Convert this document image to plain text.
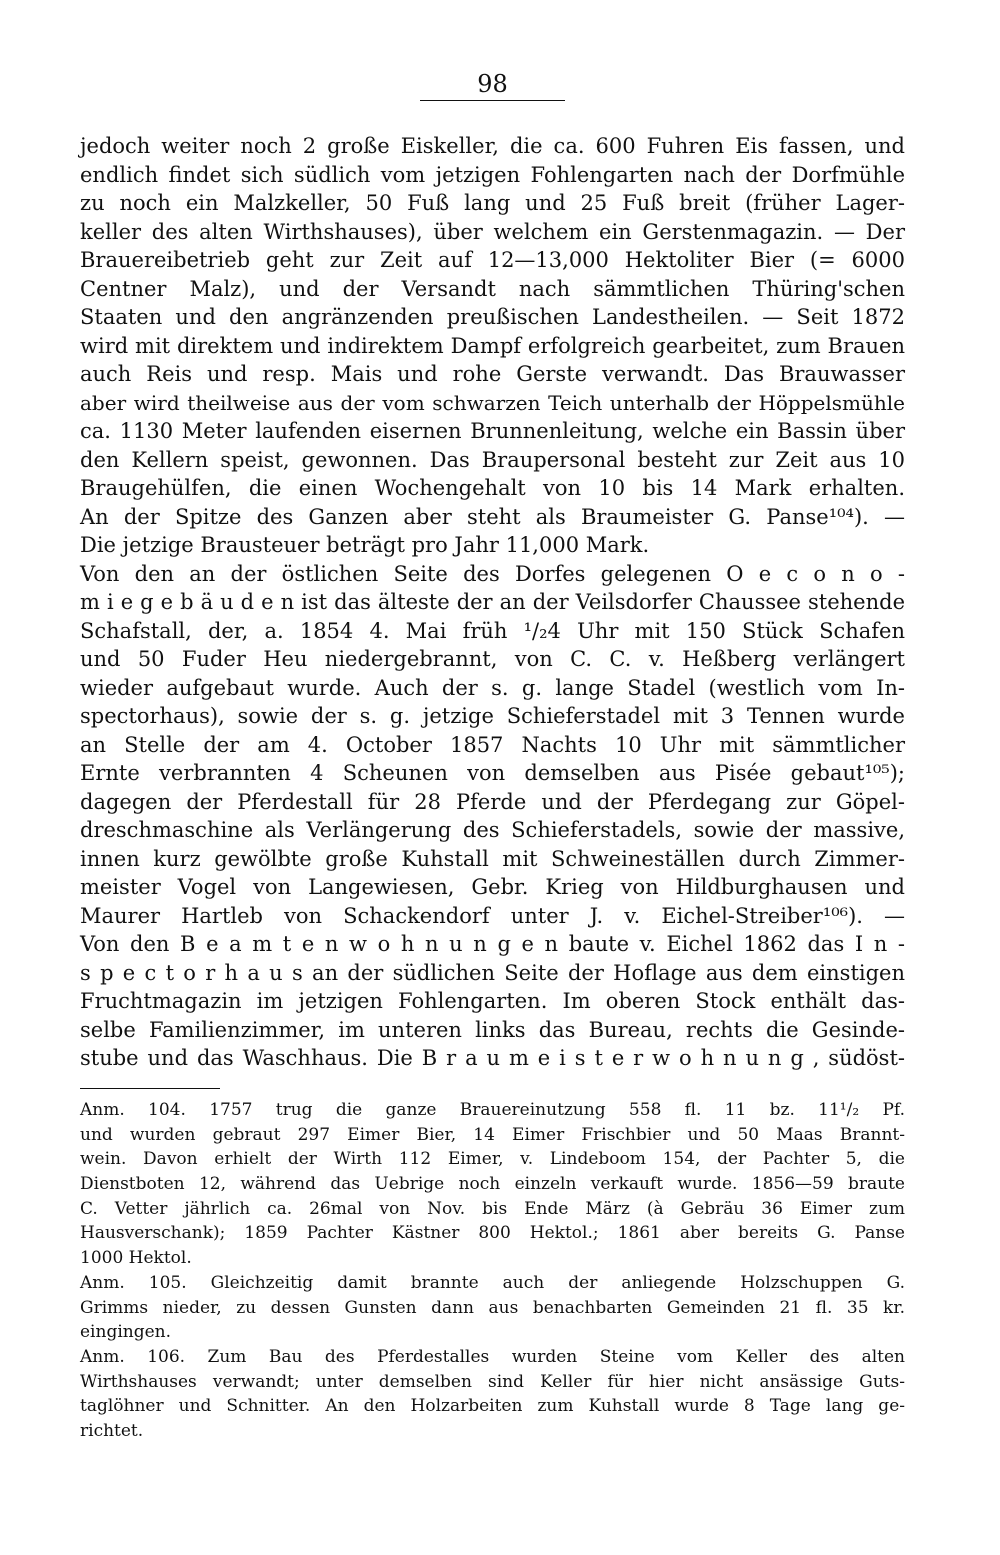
98
jedoch weiter noch 2 große Eiskeller, die ca. 600 Fuhren Eis fassen, und
endlich findet sich südlich vom jetzigen Fohlengarten nach der Dorfmühle
zu noch ein Malzkeller, 50 Fuß lang und 25 Fuß breit (früher Lager-
keller des alten Wirthshauses), über welchem ein Gerstenmagazin. — Der
Brauereibetrieb geht zur Zeit auf 12—13,000 Hektoliter Bier (= 6000
Centner Malz), und der Versandt nach sämmtlichen Thüring'schen
Staaten und den angränzenden preußischen Landestheilen. — Seit 1872
wird mit direktem und indirektem Dampf erfolgreich gearbeitet, zum Brauen
auch Reis und resp. Mais und rohe Gerste verwandt. Das Brauwasser
aber wird theilweise aus der vom schwarzen Teich unterhalb der Höppelsmühle
ca. 1130 Meter laufenden eisernen Brunnenleitung, welche ein Bassin über
den Kellern speist, gewonnen. Das Braupersonal besteht zur Zeit aus 10
Braugehülfen, die einen Wochengehalt von 10 bis 14 Mark erhalten.
An der Spitze des Ganzen aber steht als Braumeister G. Panse¹⁰⁴). —
Die jetzige Brausteuer beträgt pro Jahr 11,000 Mark.
Von den an der östlichen Seite des Dorfes gelegenen O e c o n o -
m i e g e b ä u d e n ist das älteste der an der Veilsdorfer Chaussee stehende
Schafstall, der, a. 1854 4. Mai früh ¹/₂4 Uhr mit 150 Stück Schafen
und 50 Fuder Heu niedergebrannt, von C. C. v. Heßberg verlängert
wieder aufgebaut wurde. Auch der s. g. lange Stadel (westlich vom In-
spectorhaus), sowie der s. g. jetzige Schieferstadel mit 3 Tennen wurde
an Stelle der am 4. October 1857 Nachts 10 Uhr mit sämmtlicher
Ernte verbrannten 4 Scheunen von demselben aus Pisée gebaut¹⁰⁵);
dagegen der Pferdestall für 28 Pferde und der Pferdegang zur Göpel-
dreschmaschine als Verlängerung des Schieferstadels, sowie der massive,
innen kurz gewölbte große Kuhstall mit Schweineställen durch Zimmer-
meister Vogel von Langewiesen, Gebr. Krieg von Hildburghausen und
Maurer Hartleb von Schackendorf unter J. v. Eichel-Streiber¹⁰⁶). —
Von den B e a m t e n w o h n u n g e n baute v. Eichel 1862 das I n -
s p e c t o r h a u s an der südlichen Seite der Hoflage aus dem einstigen
Fruchtmagazin im jetzigen Fohlengarten. Im oberen Stock enthält das-
selbe Familienzimmer, im unteren links das Bureau, rechts die Gesinde-
stube und das Waschhaus. Die B r a u m e i s t e r w o h n u n g , südöst-
Anm. 104. 1757 trug die ganze Brauereinutzung 558 fl. 11 bz. 11¹/₂ Pf.
und wurden gebraut 297 Eimer Bier, 14 Eimer Frischbier und 50 Maas Brannt-
wein. Davon erhielt der Wirth 112 Eimer, v. Lindeboom 154, der Pachter 5, die
Dienstboten 12, während das Uebrige noch einzeln verkauft wurde. 1856—59 braute
C. Vetter jährlich ca. 26mal von Nov. bis Ende März (à Gebräu 36 Eimer zum
Hausverschank); 1859 Pachter Kästner 800 Hektol.; 1861 aber bereits G. Panse
1000 Hektol.
Anm. 105. Gleichzeitig damit brannte auch der anliegende Holzschuppen G.
Grimms nieder, zu dessen Gunsten dann aus benachbarten Gemeinden 21 fl. 35 kr.
eingingen.
Anm. 106. Zum Bau des Pferdestalles wurden Steine vom Keller des alten
Wirthshauses verwandt; unter demselben sind Keller für hier nicht ansässige Guts-
taglöhner und Schnitter. An den Holzarbeiten zum Kuhstall wurde 8 Tage lang ge-
richtet.
